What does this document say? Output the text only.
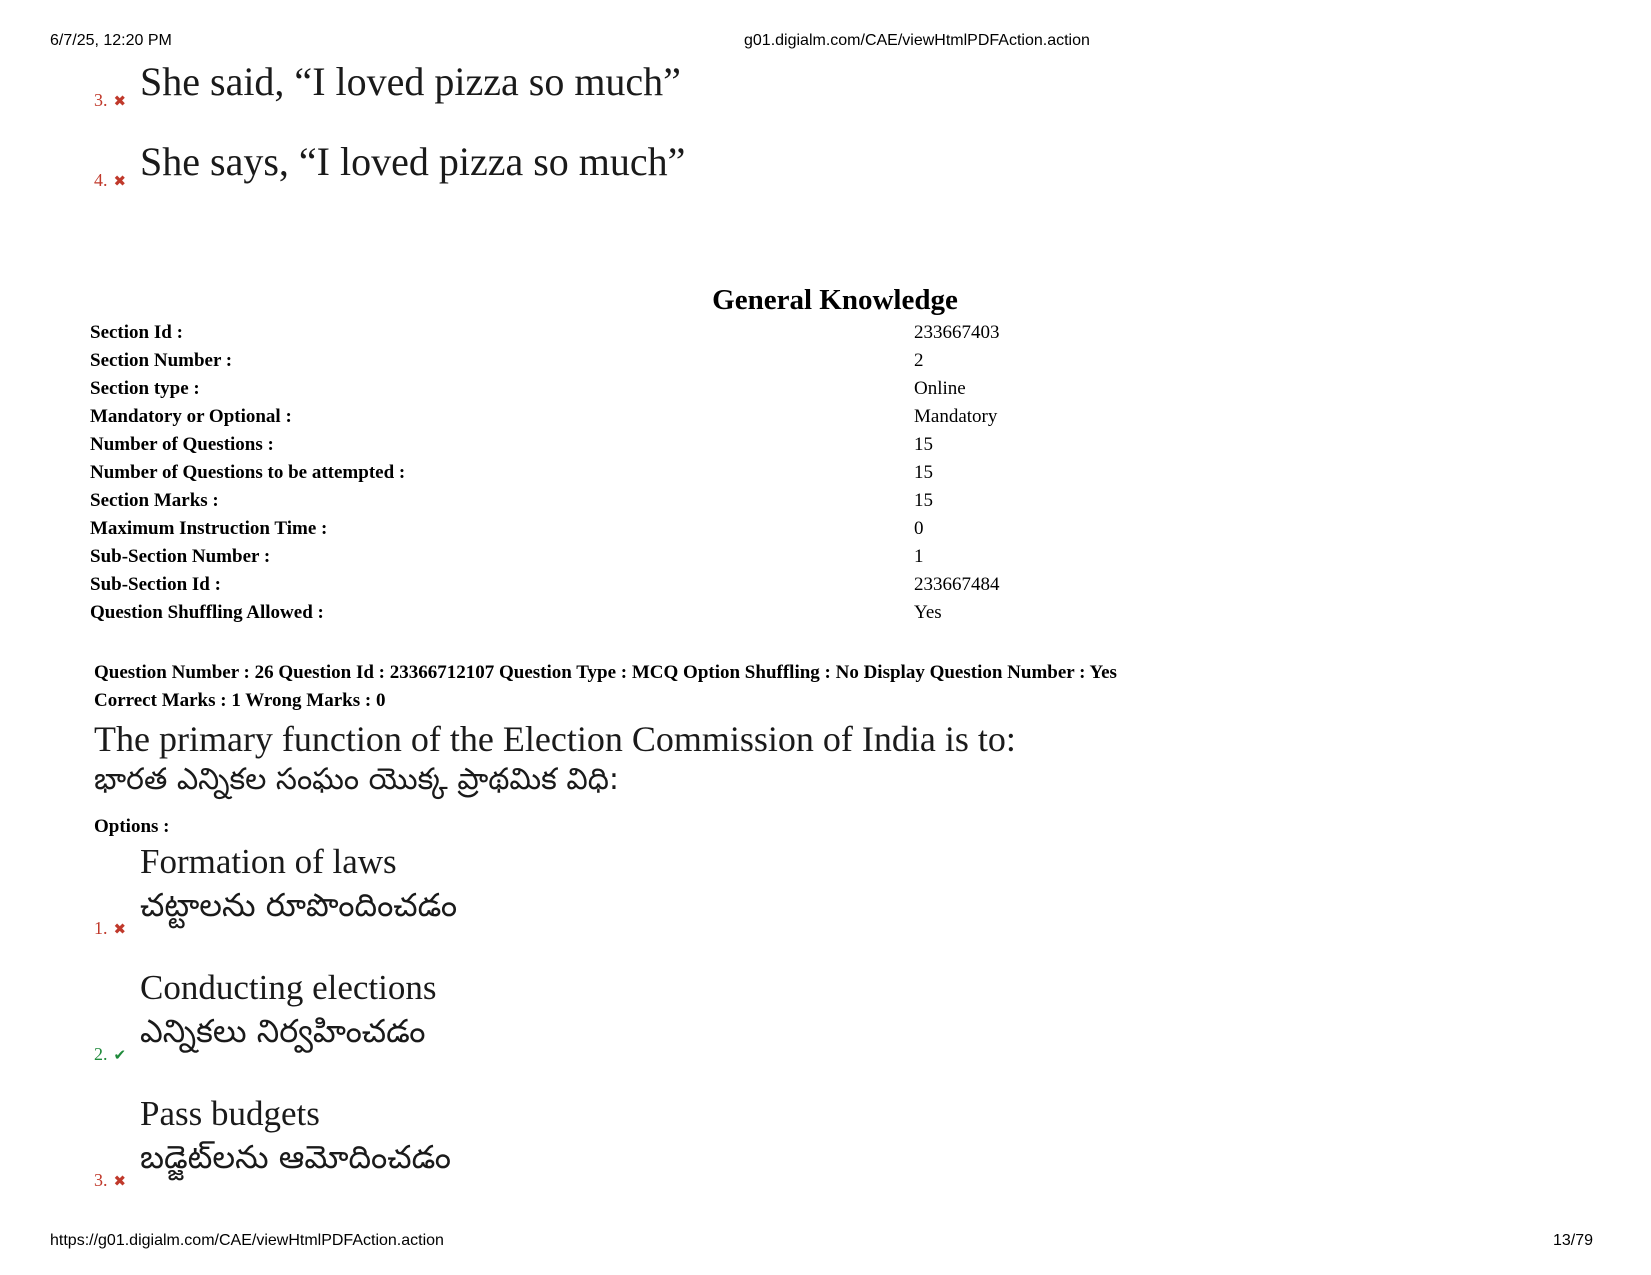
6/7/25, 12:20 PM	g01.digialm.com/CAE/viewHtmlPDFAction.action
3. ✖ She said, “I loved pizza so much”
4. ✖ She says, “I loved pizza so much”
General Knowledge
Section Id :	233667403
Section Number :	2
Section type :	Online
Mandatory or Optional :	Mandatory
Number of Questions :	15
Number of Questions to be attempted :	15
Section Marks :	15
Maximum Instruction Time :	0
Sub-Section Number :	1
Sub-Section Id :	233667484
Question Shuffling Allowed :	Yes
Question Number : 26 Question Id : 23366712107 Question Type : MCQ Option Shuffling : No Display Question Number : Yes
Correct Marks : 1 Wrong Marks : 0
The primary function of the Election Commission of India is to:
భారత ఎన్నికల సంఘం యొక్క ప్రాథమిక విధి:
Options :
Formation of laws
చట్టాలను రూపొందించడం
1. ✖
Conducting elections
ఎన్నికలు నిర్వహించడం
2. ✔
Pass budgets
బడ్జెట్‌లను ఆమోదించడం
3. ✖
https://g01.digialm.com/CAE/viewHtmlPDFAction.action	13/79
